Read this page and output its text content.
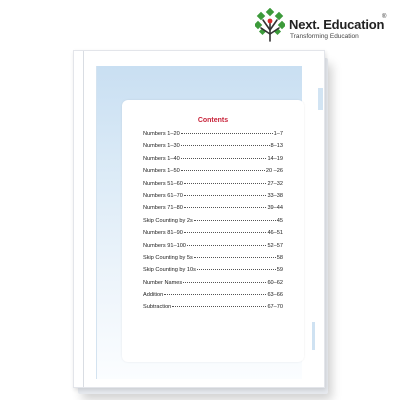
Next. Education
®
Transforming Education
Contents
Numbers 1–20	1–7
Numbers 1–30	8–13
Numbers 1–40	14–19
Numbers 1–50	20 –26
Numbers 51–60	27–32
Numbers 61–70	33–38
Numbers 71–80	39–44
Skip Counting by 2s	45
Numbers 81–90	46–51
Numbers 91–100	52–57
Skip Counting by 5s	58
Skip Counting by 10s	59
Number Names	60–62
Addition	63–66
Subtraction	67–70
